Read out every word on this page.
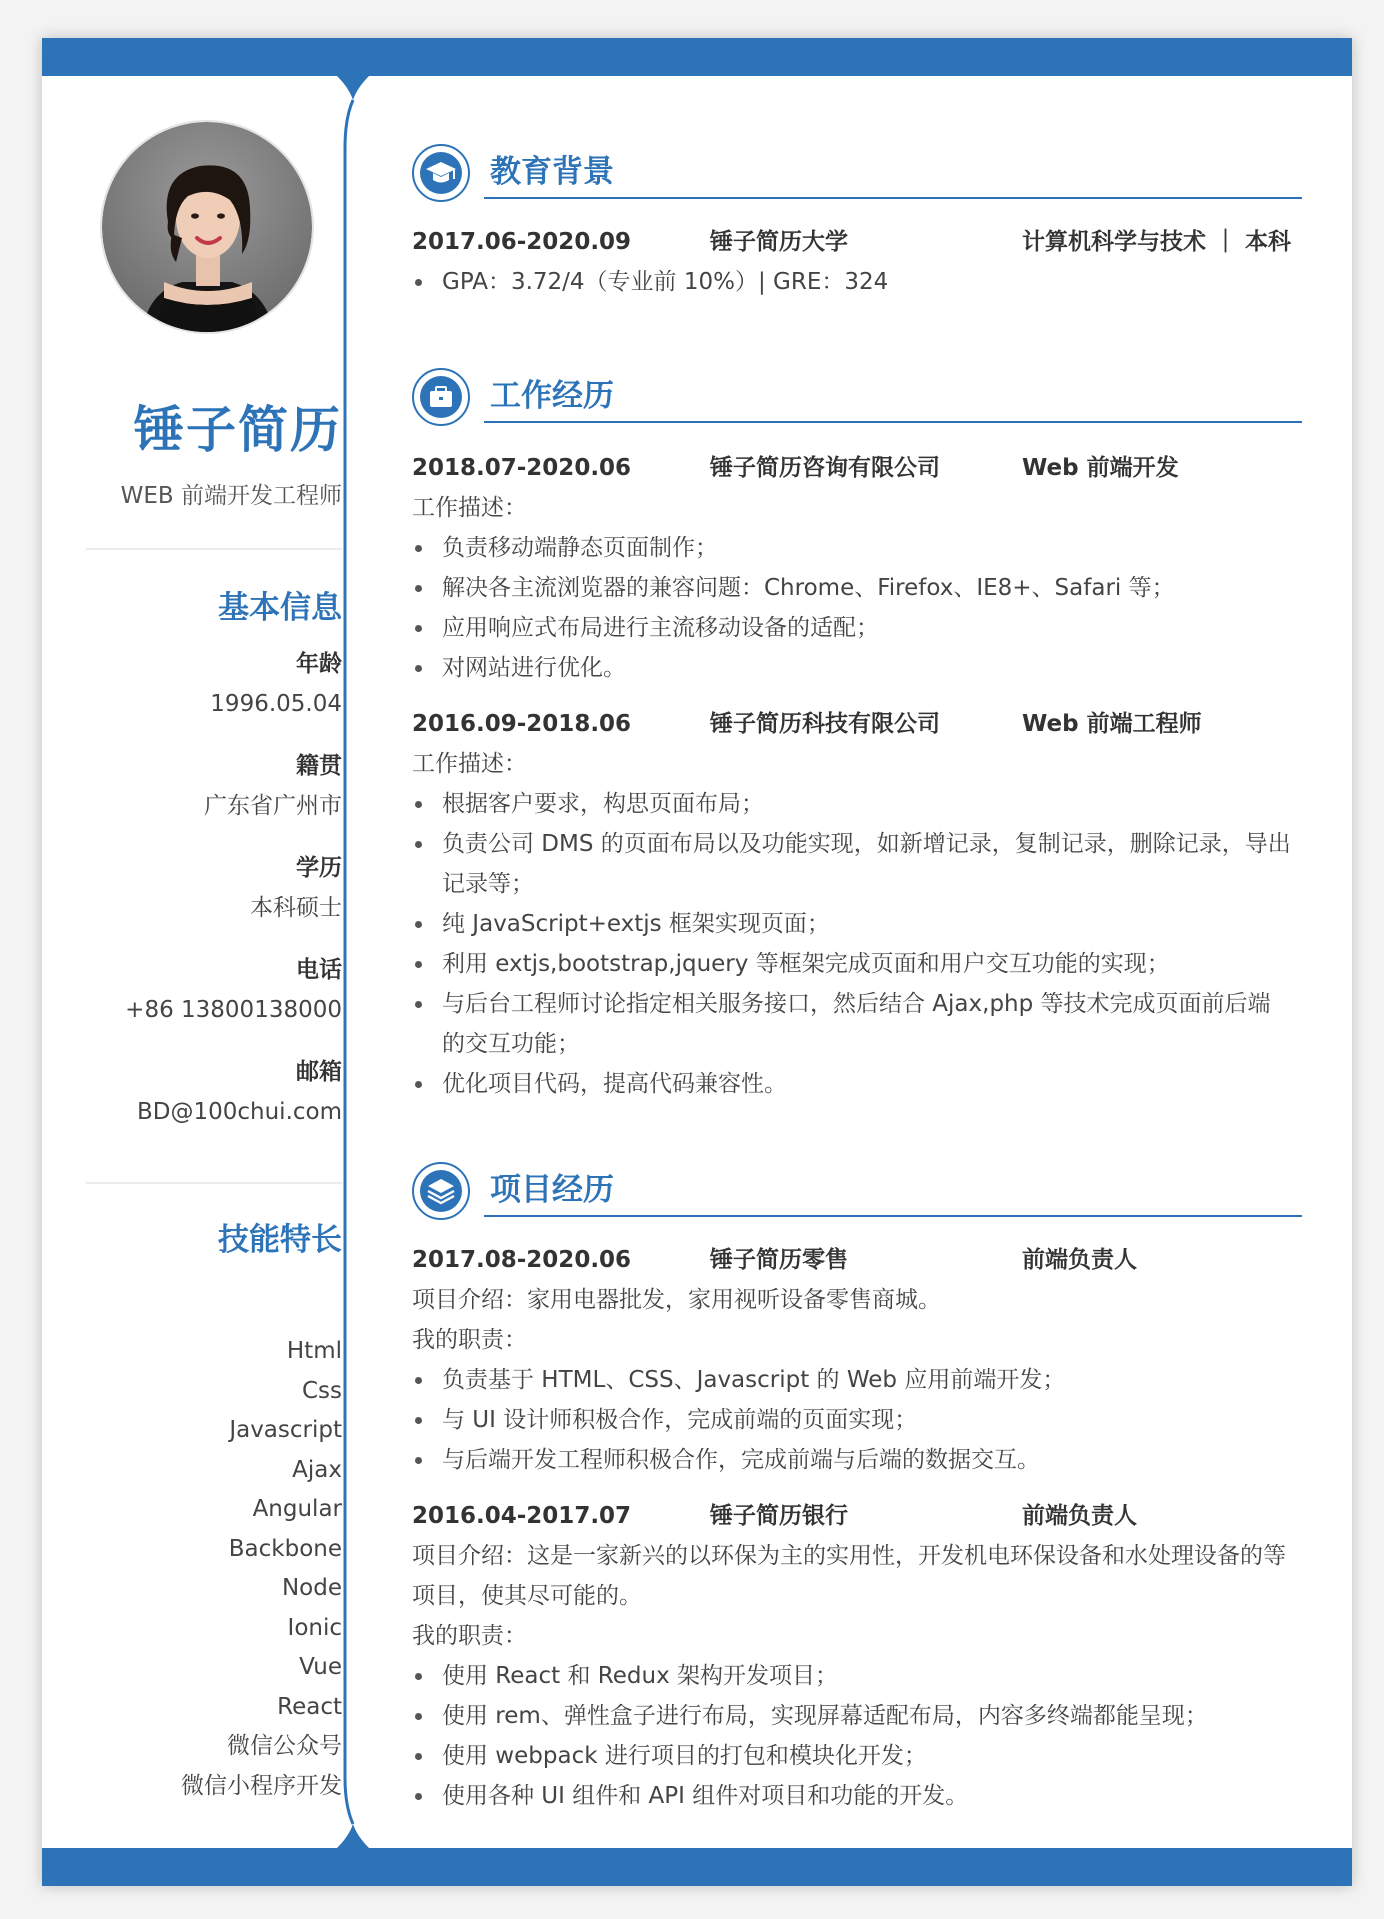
锤子简历
WEB 前端开发工程师
基本信息
年龄
1996.05.04
籍贯
广东省广州市
学历
本科硕士
电话
+86 13800138000
邮箱
BD@100chui.com
技能特长
Html
Css
Javascript
Ajax
Angular
Backbone
Node
Ionic
Vue
React
微信公众号
微信小程序开发
教育背景
2017.06-2020.09	锤子简历大学	计算机科学与技术 ｜ 本科
GPA：3.72/4（专业前 10%）| GRE：324
工作经历
2018.07-2020.06	锤子简历咨询有限公司	Web 前端开发
工作描述：
负责移动端静态页面制作；
解决各主流浏览器的兼容问题：Chrome、Firefox、IE8+、Safari 等；
应用响应式布局进行主流移动设备的适配；
对网站进行优化。
2016.09-2018.06	锤子简历科技有限公司	Web 前端工程师
工作描述：
根据客户要求，构思页面布局；
负责公司 DMS 的页面布局以及功能实现，如新增记录，复制记录，删除记录，导出记录等；
纯 JavaScript+extjs 框架实现页面；
利用 extjs,bootstrap,jquery 等框架完成页面和用户交互功能的实现；
与后台工程师讨论指定相关服务接口，然后结合 Ajax,php 等技术完成页面前后端的交互功能；
优化项目代码，提高代码兼容性。
项目经历
2017.08-2020.06	锤子简历零售	前端负责人
项目介绍：家用电器批发，家用视听设备零售商城。
我的职责：
负责基于 HTML、CSS、Javascript 的 Web 应用前端开发；
与 UI 设计师积极合作，完成前端的页面实现；
与后端开发工程师积极合作，完成前端与后端的数据交互。
2016.04-2017.07	锤子简历银行	前端负责人
项目介绍：这是一家新兴的以环保为主的实用性，开发机电环保设备和水处理设备的等项目，使其尽可能的。
我的职责：
使用 React 和 Redux 架构开发项目；
使用 rem、弹性盒子进行布局，实现屏幕适配布局，内容多终端都能呈现；
使用 webpack 进行项目的打包和模块化开发；
使用各种 UI 组件和 API 组件对项目和功能的开发。
